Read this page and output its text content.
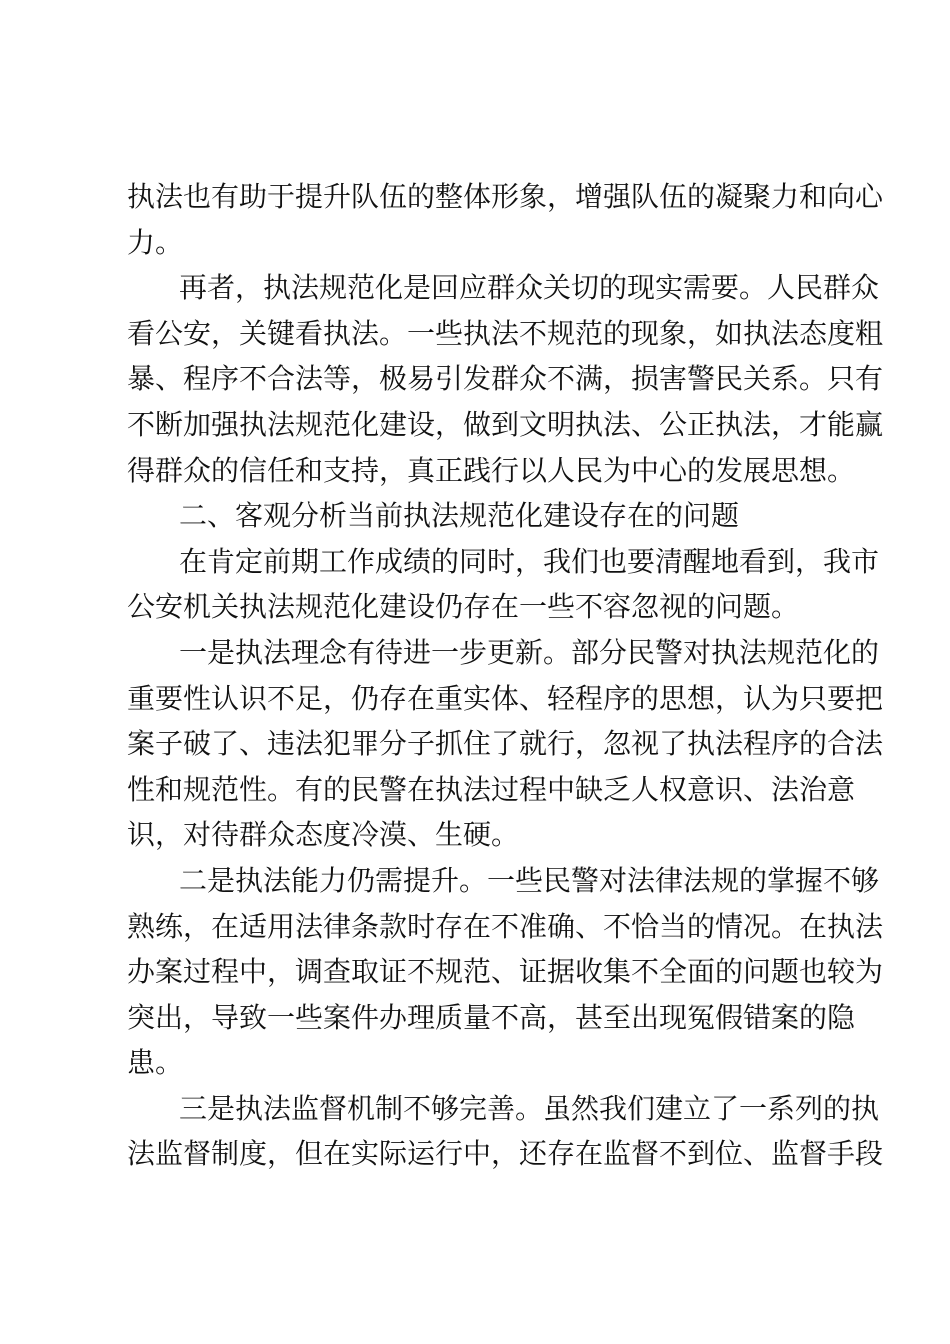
执法也有助于提升队伍的整体形象，增强队伍的凝聚力和向心
力。
再者，执法规范化是回应群众关切的现实需要。人民群众
看公安，关键看执法。一些执法不规范的现象，如执法态度粗
暴、程序不合法等，极易引发群众不满，损害警民关系。只有
不断加强执法规范化建设，做到文明执法、公正执法，才能赢
得群众的信任和支持，真正践行以人民为中心的发展思想。
二、客观分析当前执法规范化建设存在的问题
在肯定前期工作成绩的同时，我们也要清醒地看到，我市
公安机关执法规范化建设仍存在一些不容忽视的问题。
一是执法理念有待进一步更新。部分民警对执法规范化的
重要性认识不足，仍存在重实体、轻程序的思想，认为只要把
案子破了、违法犯罪分子抓住了就行，忽视了执法程序的合法
性和规范性。有的民警在执法过程中缺乏人权意识、法治意
识，对待群众态度冷漠、生硬。
二是执法能力仍需提升。一些民警对法律法规的掌握不够
熟练，在适用法律条款时存在不准确、不恰当的情况。在执法
办案过程中，调查取证不规范、证据收集不全面的问题也较为
突出，导致一些案件办理质量不高，甚至出现冤假错案的隐
患。
三是执法监督机制不够完善。虽然我们建立了一系列的执
法监督制度，但在实际运行中，还存在监督不到位、监督手段
